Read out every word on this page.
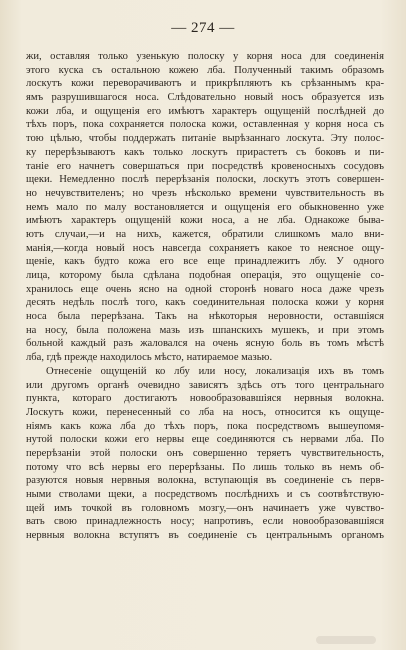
— 274 —
жи, оставляя только узенькую полоску у корня носа для соединенія
этого куска съ остальною кожею лба. Полученный такимъ образомъ
лоскутъ кожи переворачиваютъ и прикрѣпляютъ къ срѣзаннымъ кра-
ямъ разрушившагося носа. Слѣдовательно новый носъ образуется изъ
кожи лба, и ощущенія его имѣютъ характеръ ощущеній послѣдней до
тѣхъ поръ, пока сохраняется полоска кожи, оставленная у корня носа съ
тою цѣлью, чтобы поддержать питаніе вырѣзаннаго лоскута. Эту полос-
ку перерѣзываютъ какъ только лоскутъ прирастетъ съ боковъ и пи-
таніе его начнетъ совершаться при посредствѣ кровеносныхъ сосудовъ
щеки. Немедленно послѣ перерѣзанія полоски, лоскутъ этотъ совершен-
но нечувствителенъ; но чрезъ нѣсколько времени чувствительность въ
немъ мало по малу востановляется и ощущенія его обыкновенно уже
имѣютъ характеръ ощущеній кожи носа, а не лба. Однакоже быва-
ютъ случаи,—и на нихъ, кажется, обратили слишкомъ мало вни-
манія,—когда новый носъ навсегда сохраняетъ какое то неясное ощу-
щеніе, какъ будто кожа его все еще принадлежитъ лбу. У одного
лица, которому была сдѣлана подобная операція, это ощущеніе со-
хранилось еще очень ясно на одной сторонѣ новаго носа даже чрезъ
десять недѣль послѣ того, какъ соединительная полоска кожи у корня
носа была перерѣзана. Такъ на нѣкоторыя неровности, оставшіяся
на носу, была положена мазь изъ шпанскихъ мушекъ, и при этомъ
больной каждый разъ жаловался на очень ясную боль въ томъ мѣстѣ
лба, гдѣ прежде находилось мѣсто, натираемое мазью.
Отнесеніе ощущеній ко лбу или носу, локализація ихъ въ томъ
или другомъ органѣ очевидно зависятъ здѣсь отъ того центральнаго
пункта, котораго достигаютъ новообразовавшіяся нервныя волокна.
Лоскутъ кожи, перенесенный со лба на носъ, относится къ ощуще-
ніямъ какъ кожа лба до тѣхъ поръ, пока посредствомъ вышеупомя-
нутой полоски кожи его нервы еще соединяются съ нервами лба. По
перерѣзаніи этой полоски онъ совершенно теряетъ чувствительность,
потому что всѣ нервы его перерѣзаны. По лишь только въ немъ об-
разуются новыя нервныя волокна, вступающія въ соединеніе съ перв-
ными стволами щеки, а посредствомъ послѣднихъ и съ соотвѣтствую-
щей имъ точкой въ головномъ мозгу,—онъ начинаетъ уже чувство-
вать свою принадлежность носу; напротивъ, если новообразовавшіяся
нервныя волокна вступятъ въ соединеніе съ центральнымъ органомъ
